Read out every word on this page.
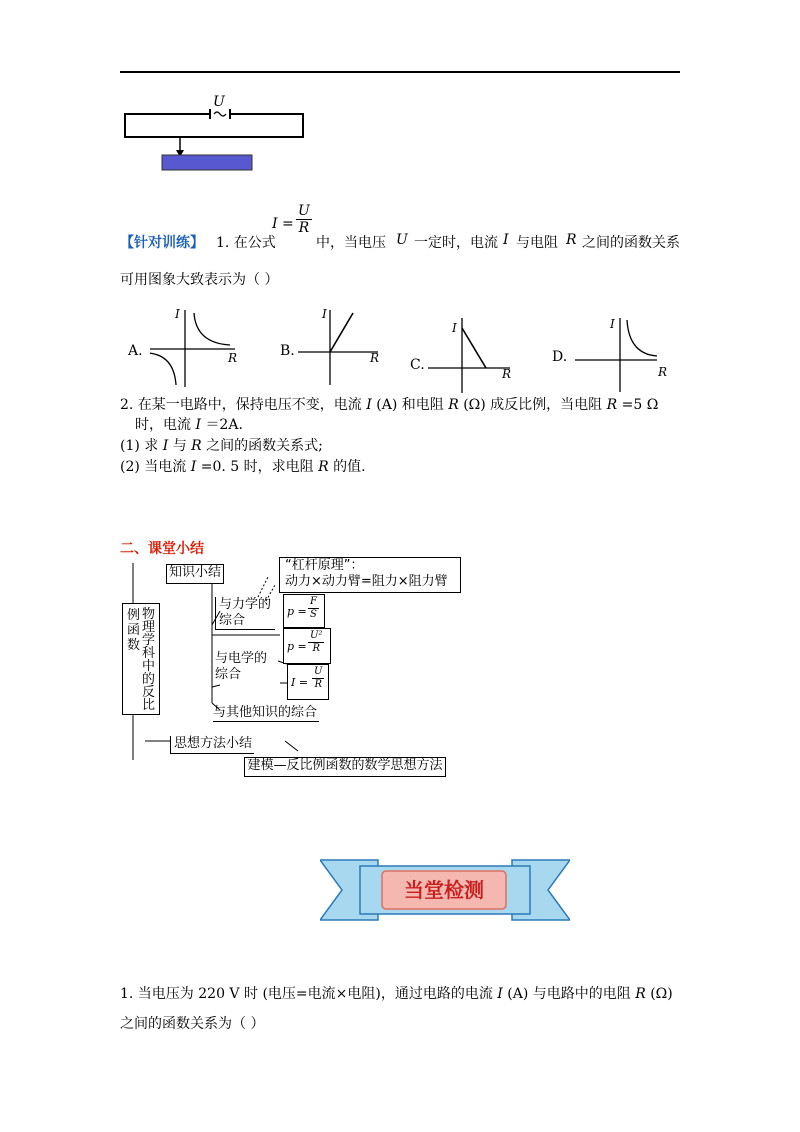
U
【针对训练】 1. 在公式
$I = \frac{U}{R}$
中，当电压 U 一定时，电流 I 与电阻 R 之间的函数关系
可用图象大致表示为（ ）
A.
I
R	B.
I
R C.
I
R
D.
I
R
2. 在某一电路中，保持电压不变，电流 I (A) 和电阻 R (Ω) 成反比例，当电阻 R =5 Ω
时，电流 I ＝2A.
(1) 求 I 与 R 之间的函数关系式;
(2) 当电流 I =0. 5 时，求电阻 R 的值.
二、课堂小结
例函数
物理学科中的反比
知识小结	“杠杆原理”：
动力×动力臂=阻力×阻力臂
与力学的综合
$p = \frac{F}{S}$
$p = \frac{\text{U²}}{R}$
与电学的综合
$I = \frac{U}{R}$
与其他知识的综合
思想方法小结
建模—反比例函数的数学思想方法
当堂检测
1. 当电压为 220 V 时 (电压=电流×电阻)，通过电路的电流 I (A) 与电路中的电阻 R (Ω)
之间的函数关系为（ ）
